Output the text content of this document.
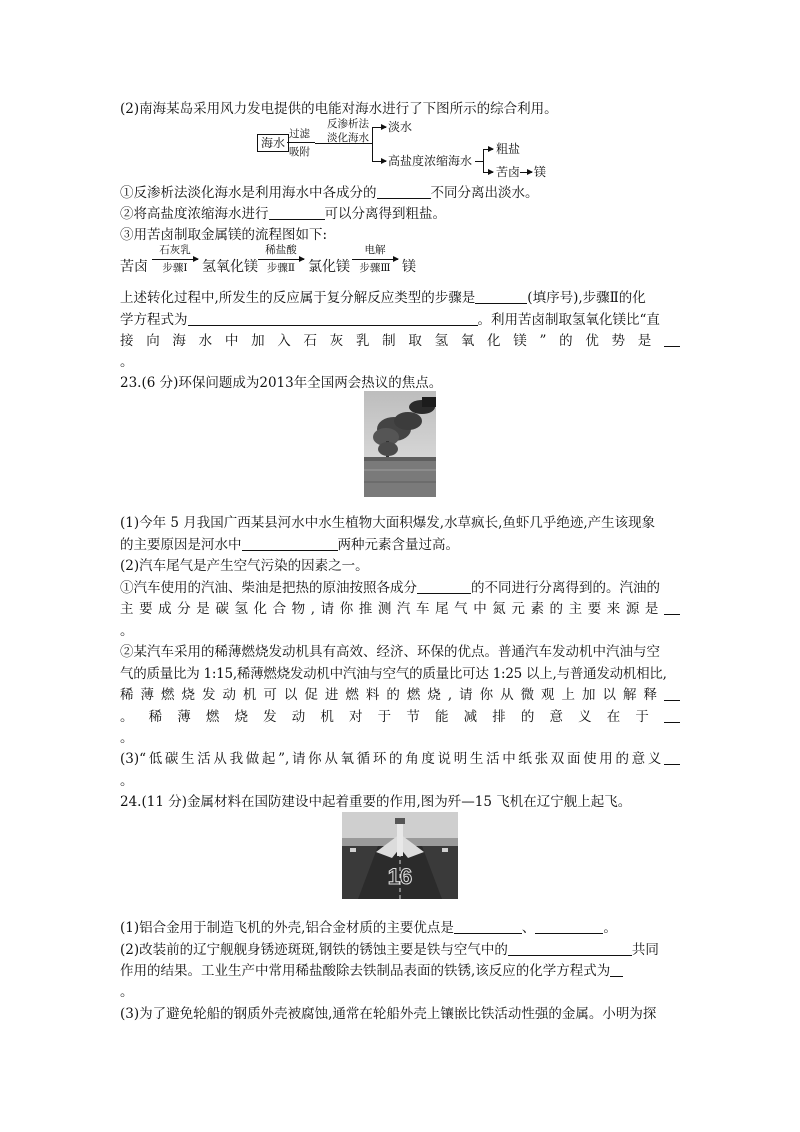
(2)南海某岛采用风力发电提供的电能对海水进行了下图所示的综合利用。
海水
过滤
吸附
反渗析法
淡化海水
淡水
高盐度浓缩海水
粗盐
苦卤 镁
①反渗析法淡化海水是利用海水中各成分的	不同分离出淡水。
②将高盐度浓缩海水进行	可以分离得到粗盐。
③用苦卤制取金属镁的流程图如下:
苦卤
石灰乳
步骤Ⅰ	氢氧化镁
稀盐酸
步骤Ⅱ 氯化镁
电解
步骤Ⅲ 镁
上述转化过程中,所发生的反应属于复分解反应类型的步骤是	(填序号),步骤Ⅱ的化
学方程式为	。利用苦卤制取氢氧化镁比“直
接向海水中加入石灰乳制取氢氧化镁”的优势是
。
23.(6 分)环保问题成为2013年全国两会热议的焦点。
(1)今年 5 月我国广西某县河水中水生植物大面积爆发,水草疯长,鱼虾几乎绝迹,产生该现象
的主要原因是河水中	两种元素含量过高。
(2)汽车尾气是产生空气污染的因素之一。
①汽车使用的汽油、柴油是把热的原油按照各成分	的不同进行分离得到的。汽油的
主要成分是碳氢化合物,请你推测汽车尾气中氮元素的主要来源是
。
②某汽车采用的稀薄燃烧发动机具有高效、经济、环保的优点。普通汽车发动机中汽油与空
气的质量比为 1:15,稀薄燃烧发动机中汽油与空气的质量比可达 1:25 以上,与普通发动机相比,
稀薄燃烧发动机可以促进燃料的燃烧,请你从微观上加以解释
。稀薄燃烧发动机对于节能减排的意义在于
。
(3)“低碳生活从我做起”,请你从氧循环的角度说明生活中纸张双面使用的意义
。
24.(11 分)金属材料在国防建设中起着重要的作用,图为歼—15 飞机在辽宁舰上起飞。
16
(1)铝合金用于制造飞机的外壳,铝合金材质的主要优点是	、	。
(2)改装前的辽宁舰舰身锈迹斑斑,钢铁的锈蚀主要是铁与空气中的	共同
作用的结果。工业生产中常用稀盐酸除去铁制品表面的铁锈,该反应的化学方程式为
。
(3)为了避免轮船的钢质外壳被腐蚀,通常在轮船外壳上镶嵌比铁活动性强的金属。小明为探
